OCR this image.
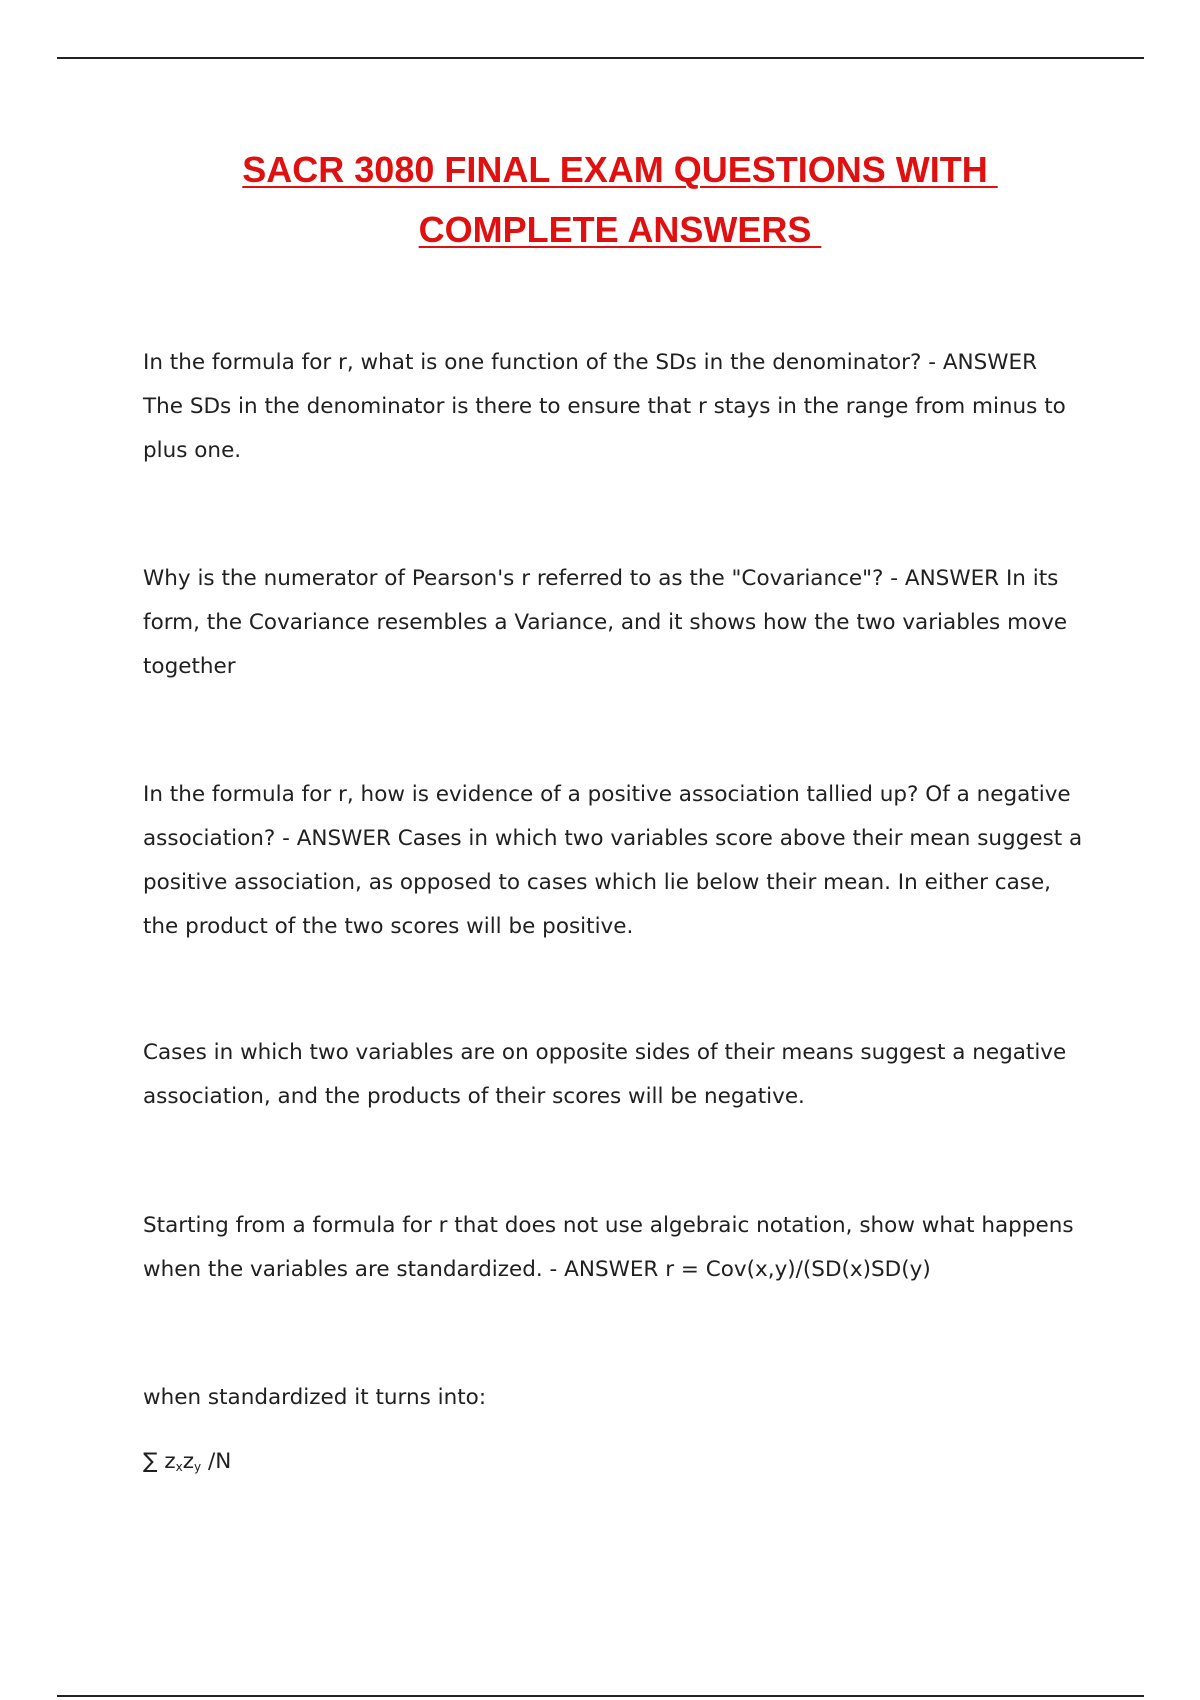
SACR 3080 FINAL EXAM QUESTIONS WITH
COMPLETE ANSWERS
In the formula for r, what is one function of the SDs in the denominator? - ANSWER The SDs in the denominator is there to ensure that r stays in the range from minus to plus one.
Why is the numerator of Pearson's r referred to as the "Covariance"? - ANSWER In its form, the Covariance resembles a Variance, and it shows how the two variables move together
In the formula for r, how is evidence of a positive association tallied up? Of a negative association? - ANSWER Cases in which two variables score above their mean suggest a positive association, as opposed to cases which lie below their mean. In either case, the product of the two scores will be positive.
Cases in which two variables are on opposite sides of their means suggest a negative association, and the products of their scores will be negative.
Starting from a formula for r that does not use algebraic notation, show what happens when the variables are standardized. - ANSWER r = Cov(x,y)/(SD(x)SD(y)
when standardized it turns into:
∑ $z_xz_y$ /N
